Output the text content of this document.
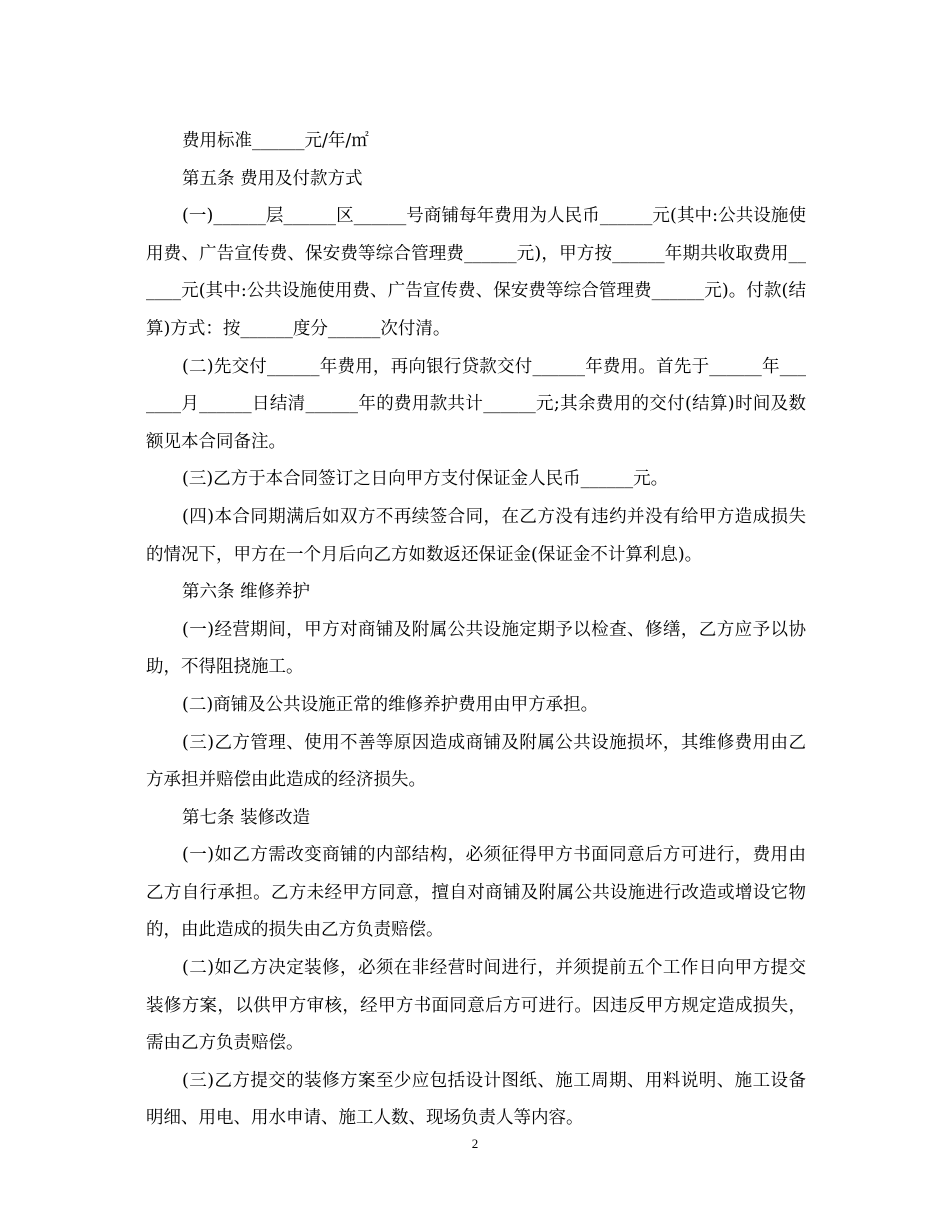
费用标准______元/年/㎡

第五条 费用及付款方式

(一)______层______区______号商铺每年费用为人民币______元(其中:公共设施使用费、广告宣传费、保安费等综合管理费______元)，甲方按______年期共收取费用______元(其中:公共设施使用费、广告宣传费、保安费等综合管理费______元)。付款(结算)方式：按______度分______次付清。

(二)先交付______年费用，再向银行贷款交付______年费用。首先于______年_______月______日结清______年的费用款共计______元;其余费用的交付(结算)时间及数额见本合同备注。

(三)乙方于本合同签订之日向甲方支付保证金人民币______元。

(四)本合同期满后如双方不再续签合同，在乙方没有违约并没有给甲方造成损失的情况下，甲方在一个月后向乙方如数返还保证金(保证金不计算利息)。

第六条 维修养护

(一)经营期间，甲方对商铺及附属公共设施定期予以检查、修缮，乙方应予以协助，不得阻挠施工。

(二)商铺及公共设施正常的维修养护费用由甲方承担。

(三)乙方管理、使用不善等原因造成商铺及附属公共设施损坏，其维修费用由乙方承担并赔偿由此造成的经济损失。

第七条 装修改造

(一)如乙方需改变商铺的内部结构，必须征得甲方书面同意后方可进行，费用由乙方自行承担。乙方未经甲方同意，擅自对商铺及附属公共设施进行改造或增设它物的，由此造成的损失由乙方负责赔偿。

(二)如乙方决定装修，必须在非经营时间进行，并须提前五个工作日向甲方提交装修方案，以供甲方审核，经甲方书面同意后方可进行。因违反甲方规定造成损失，需由乙方负责赔偿。

(三)乙方提交的装修方案至少应包括设计图纸、施工周期、用料说明、施工设备明细、用电、用水申请、施工人数、现场负责人等内容。

2
